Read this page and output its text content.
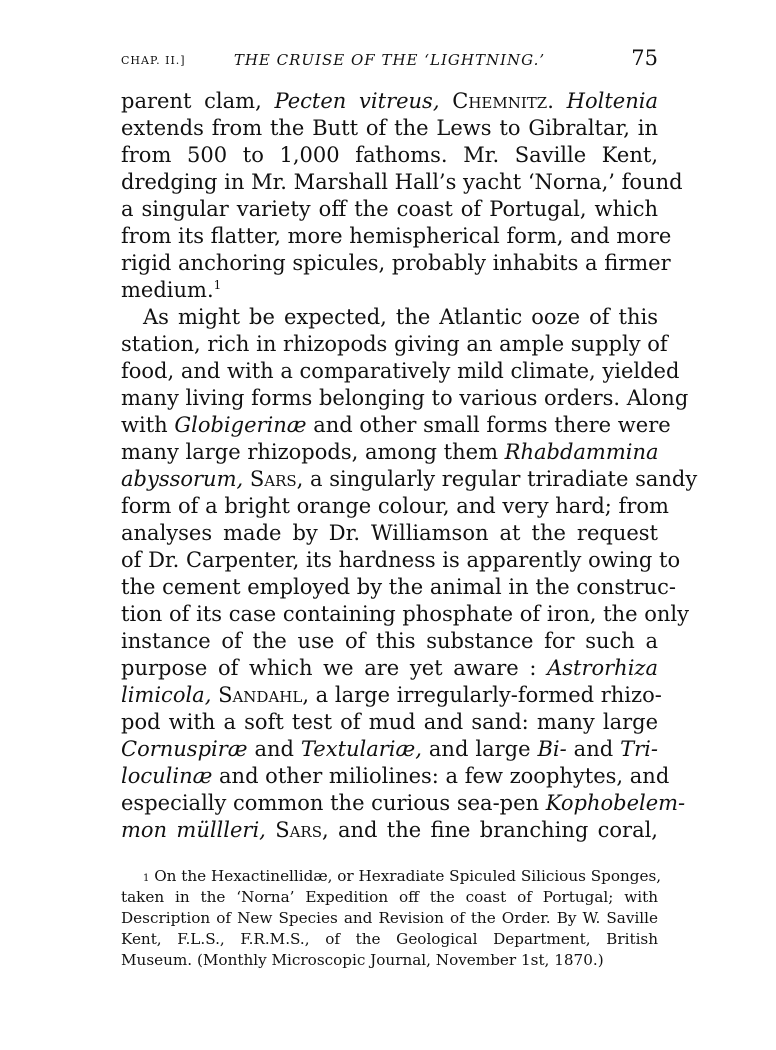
CHAP. II.]	THE CRUISE OF THE ‘LIGHTNING.’	75
parent clam, Pecten vitreus, Chemnitz. Holtenia
extends from the Butt of the Lews to Gibraltar, in
from 500 to 1,000 fathoms. Mr. Saville Kent,
dredging in Mr. Marshall Hall’s yacht ‘Norna,’ found
a singular variety off the coast of Portugal, which
from its flatter, more hemispherical form, and more
rigid anchoring spicules, probably inhabits a firmer
medium.$^1$
As might be expected, the Atlantic ooze of this
station, rich in rhizopods giving an ample supply of
food, and with a comparatively mild climate, yielded
many living forms belonging to various orders. Along
with Globigerinæ and other small forms there were
many large rhizopods, among them Rhabdammina
abyssorum, Sars, a singularly regular triradiate sandy
form of a bright orange colour, and very hard; from
analyses made by Dr. Williamson at the request
of Dr. Carpenter, its hardness is apparently owing to
the cement employed by the animal in the construc-
tion of its case containing phosphate of iron, the only
instance of the use of this substance for such a
purpose of which we are yet aware : Astrorhiza
limicola, Sandahl, a large irregularly-formed rhizo-
pod with a soft test of mud and sand: many large
Cornuspiræ and Textulariæ, and large Bi- and Tri-
loculinæ and other miliolines: a few zoophytes, and
especially common the curious sea-pen Kophobelem-
mon müllleri, Sars, and the fine branching coral,
$^1$ On the Hexactinellidæ, or Hexradiate Spiculed Silicious Sponges,
taken in the ‘Norna’ Expedition off the coast of Portugal; with
Description of New Species and Revision of the Order. By W. Saville
Kent, F.L.S., F.R.M.S., of the Geological Department, British
Museum. (Monthly Microscopic Journal, November 1st, 1870.)
